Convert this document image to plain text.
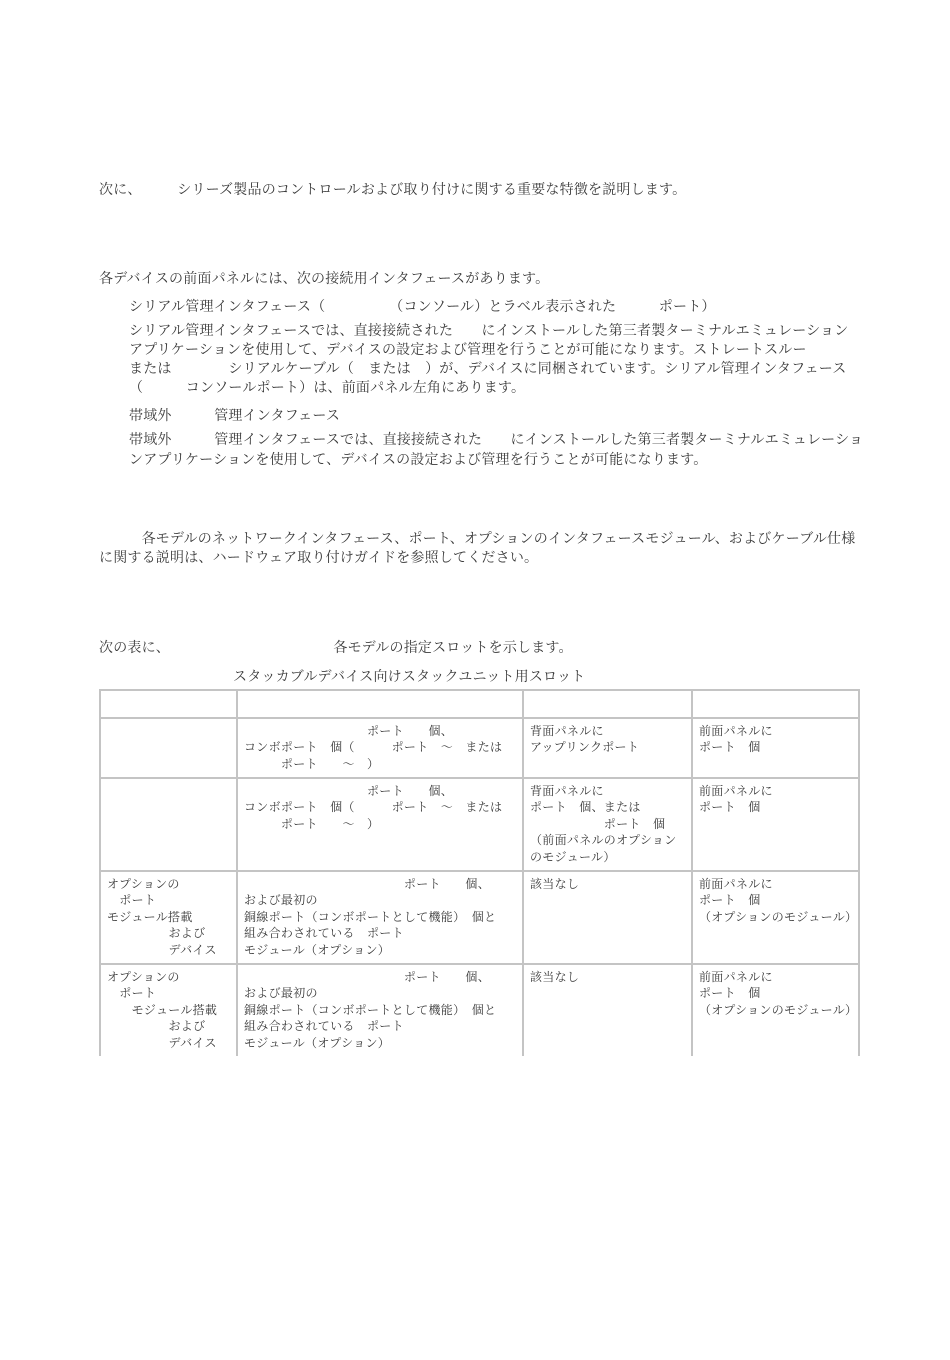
次に、　　　シリーズ製品のコントロールおよび取り付けに関する重要な特徴を説明します。
各デバイスの前面パネルには、次の接続用インタフェースがあります。
シリアル管理インタフェース（　　　　　（コンソール）とラベル表示された　　　ポート）
シリアル管理インタフェースでは、直接接続された　　にインストールした第三者製ターミナルエミュレーション
アプリケーションを使用して、デバイスの設定および管理を行うことが可能になります。ストレートスルー
または　　　　シリアルケーブル（　または　）が、デバイスに同梱されています。シリアル管理インタフェース
（　　　コンソールポート）は、前面パネル左角にあります。
帯域外　　　管理インタフェース
帯域外　　　管理インタフェースでは、直接接続された　　にインストールした第三者製ターミナルエミュレーショ
ンアプリケーションを使用して、デバイスの設定および管理を行うことが可能になります。
　　　各モデルのネットワークインタフェース、ポート、オプションのインタフェースモジュール、およびケーブル仕様
に関する説明は、ハードウェア取り付けガイドを参照してください。
次の表に、　　　　　　　　　　　　各モデルの指定スロットを示します。
スタッカブルデバイス向けスタックユニット用スロット

	　　　　　　　　　　ポート　　個、
コンボポート　個（　　　ポート　～　または
　　　ポート　　～　）	背面パネルに
アップリンクポート	前面パネルに
ポート　個
	　　　　　　　　　　ポート　　個、
コンボポート　個（　　　ポート　～　または
　　　ポート　　～　）	背面パネルに
ポート　個、または
　　　　　　ポート　個
（前面パネルのオプション
のモジュール）	前面パネルに
ポート　個
オプションの
　ポート
モジュール搭載
　　　　　および
　　　　　デバイス	　　　　　　　　　　　　　ポート　　個、
および最初の
銅線ポート（コンボポートとして機能）　個と
組み合わされている　ポート
モジュール（オプション）	該当なし	前面パネルに
ポート　個
（オプションのモジュール）
オプションの
　ポート
　　モジュール搭載
　　　　　および
　　　　　デバイス	　　　　　　　　　　　　　ポート　　個、
および最初の
銅線ポート（コンボポートとして機能）　個と
組み合わされている　ポート
モジュール（オプション）	該当なし	前面パネルに
ポート　個
（オプションのモジュール）
